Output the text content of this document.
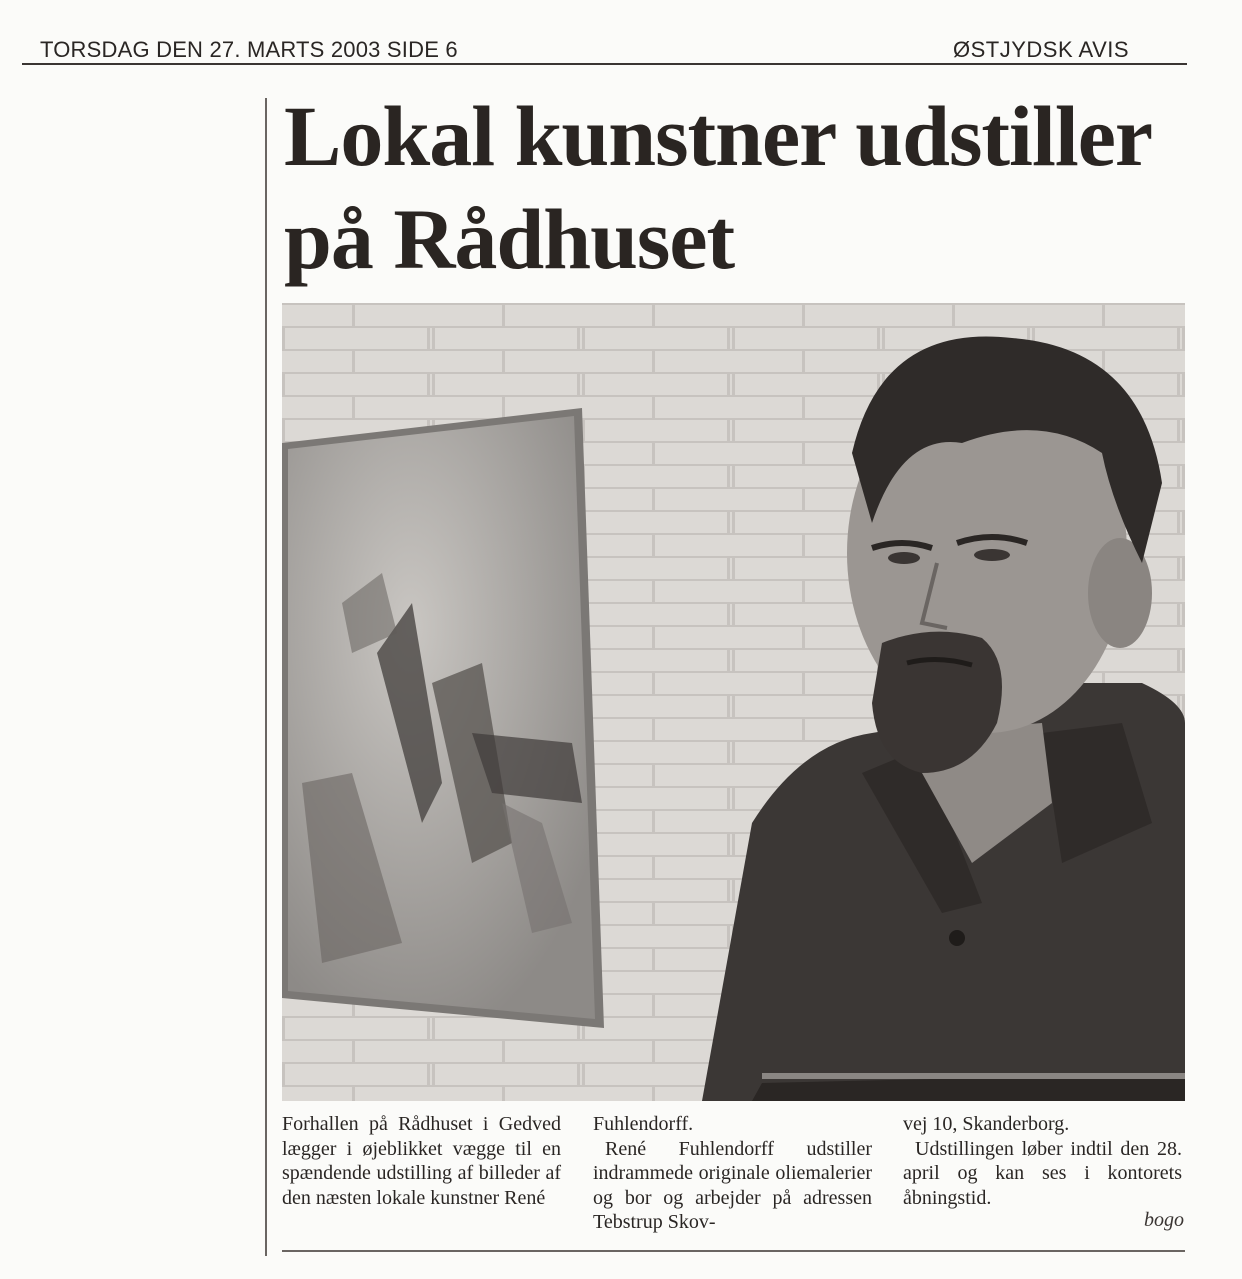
TORSDAG DEN 27. MARTS 2003 SIDE 6	ØSTJYDSK AVIS
Lokal kunstner udstiller på Rådhuset

Forhallen på Rådhuset i Gedved lægger i øjeblikket vægge til en spændende udstilling af billeder af den næsten lokale kunstner René

Fuhlendorff.

René Fuhlendorff udstiller indrammede originale oliemalerier og bor og arbejder på adressen Tebstrup Skov-

vej 10, Skanderborg.

Udstillingen løber indtil den 28. april og kan ses i kontorets åbningstid.

bogo
